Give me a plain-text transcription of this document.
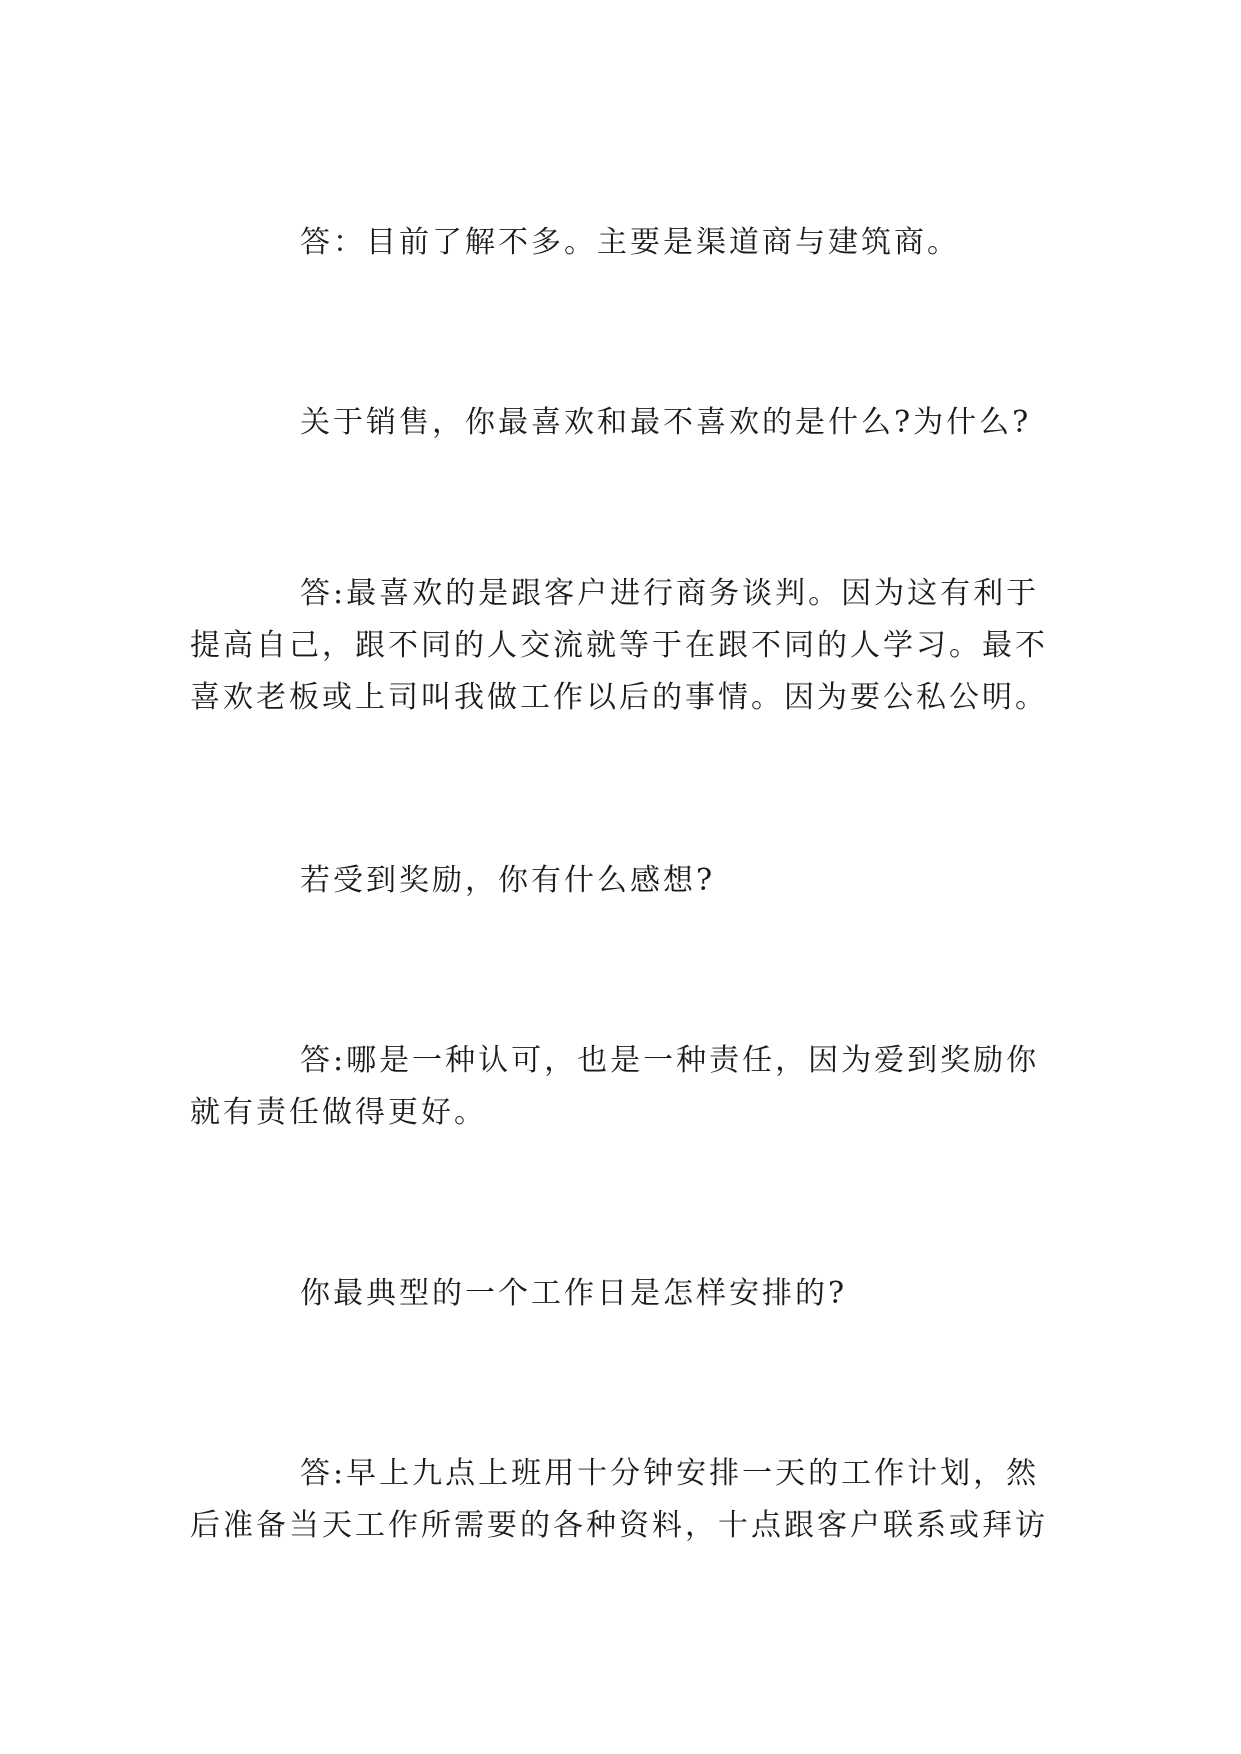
答：目前了解不多。主要是渠道商与建筑商。

关于销售，你最喜欢和最不喜欢的是什么?为什么?

答:最喜欢的是跟客户进行商务谈判。因为这有利于提高自己，跟不同的人交流就等于在跟不同的人学习。最不喜欢老板或上司叫我做工作以后的事情。因为要公私公明。

若受到奖励，你有什么感想?

答:哪是一种认可，也是一种责任，因为爱到奖励你就有责任做得更好。

你最典型的一个工作日是怎样安排的?

答:早上九点上班用十分钟安排一天的工作计划，然后准备当天工作所需要的各种资料，十点跟客户联系或拜访
